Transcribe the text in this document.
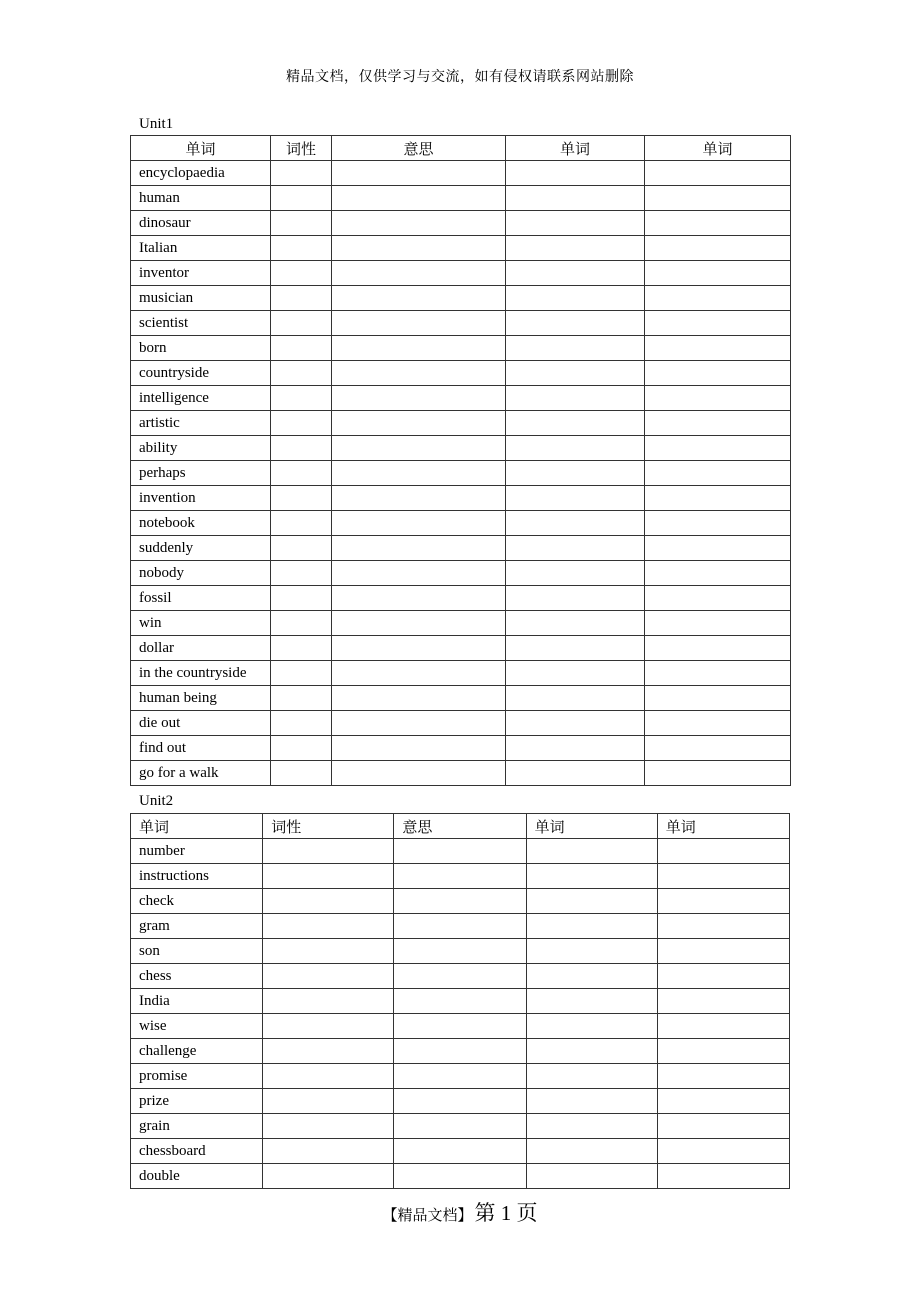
精品文档，仅供学习与交流，如有侵权请联系网站删除
Unit1
单词	词性	意思	单词	单词
encyclopaedia				
human				
dinosaur				
Italian				
inventor				
musician				
scientist				
born				
countryside				
intelligence				
artistic				
ability				
perhaps				
invention				
notebook				
suddenly				
nobody				
fossil				
win				
dollar				
in the countryside				
human being				
die out				
find out				
go for a walk				
Unit2
单词	词性	意思	单词	单词
number				
instructions				
check				
gram				
son				
chess				
India				
wise				
challenge				
promise				
prize				
grain				
chessboard				
double				
【精品文档】第 1 页
